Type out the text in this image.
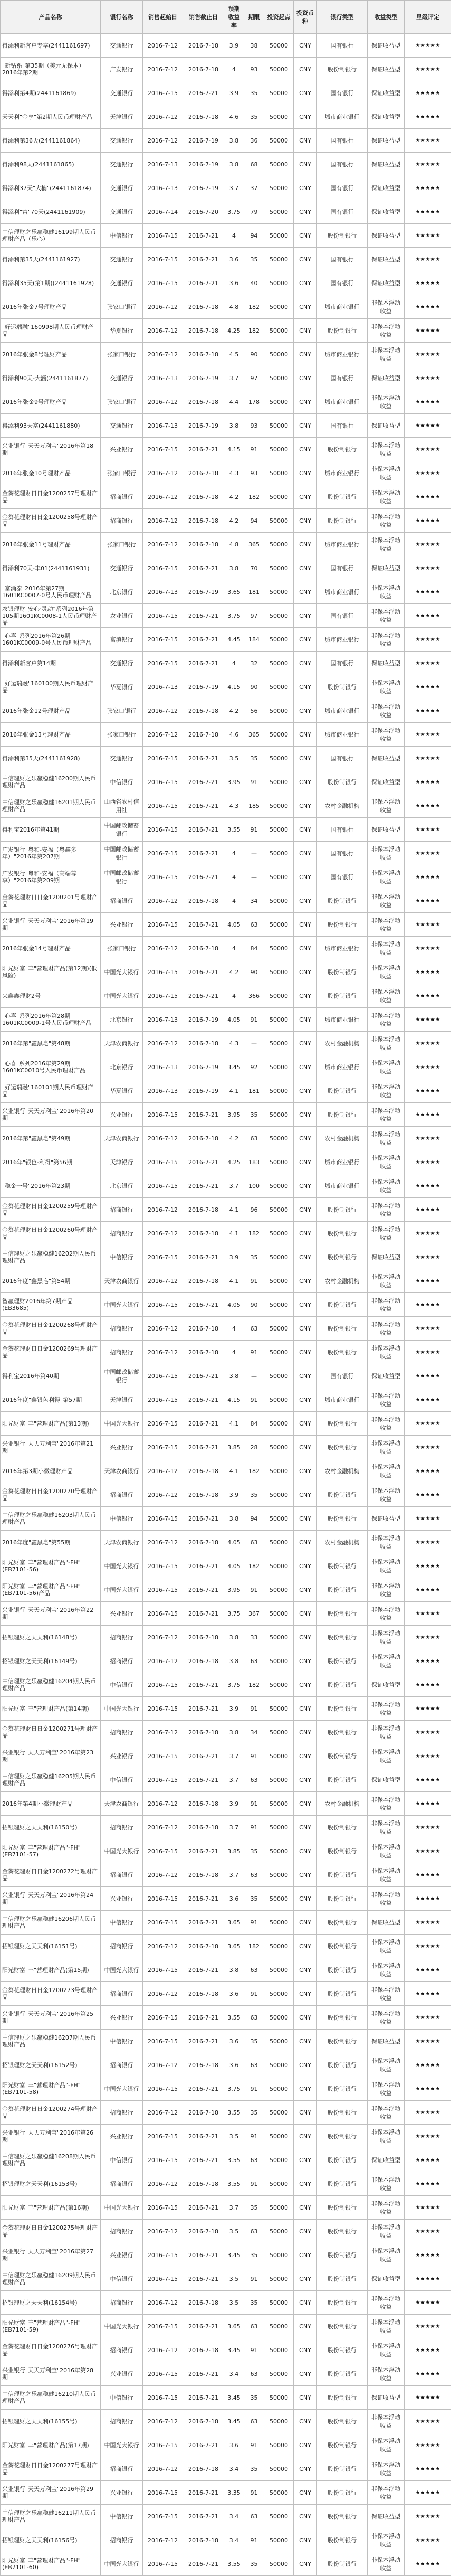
产品名称	银行名称	销售起始日	销售截止日	预期收益率	期限	投资起点	投资币种	银行类型	收益类型	星级评定
得添利新客户专享(2441161697)	交通银行	2016-7-12	2016-7-18	3.9	38	50000	CNY	国有银行	保证收益型	★★★★★
"新钻系"第35期（美元无保本）2016年第2期	广发银行	2016-7-12	2016-7-18	4	93	50000	CNY	股份制银行	保证收益型	★★★★★
得添利第4期(2441161869)	交通银行	2016-7-15	2016-7-21	3.9	35	50000	CNY	国有银行	保证收益型	★★★★★
天天利"金享"第2期人民币理财产品	天津银行	2016-7-12	2016-7-18	4.6	35	50000	CNY	城市商业银行	保证收益型	★★★★★
得添利第36天(2441161864)	交通银行	2016-7-12	2016-7-19	3.8	36	50000	CNY	国有银行	保证收益型	★★★★★
得添利98天(2441161865)	交通银行	2016-7-13	2016-7-19	3.8	68	50000	CNY	国有银行	保证收益型	★★★★★
得添利37天"大楠"(2441161874)	交通银行	2016-7-13	2016-7-19	3.7	37	50000	CNY	国有银行	保证收益型	★★★★★
得添利"富"70天(2441161909)	交通银行	2016-7-14	2016-7-20	3.75	79	50000	CNY	国有银行	保证收益型	★★★★★
中信理财之乐赢稳健16199期人民币理财产品（乐心）	中信银行	2016-7-15	2016-7-21	4	94	50000	CNY	股份制银行	保证收益型	★★★★★
得添利第35天(2441161927)	交通银行	2016-7-15	2016-7-21	3.6	35	50000	CNY	国有银行	保证收益型	★★★★★
得添利35天(第1期)(2441161928)	交通银行	2016-7-15	2016-7-21	3.6	40	50000	CNY	国有银行	保证收益型	★★★★★
2016年张金7号理财产品	张家口银行	2016-7-12	2016-7-18	4.8	182	50000	CNY	城市商业银行	非保本浮动收益	★★★★★
"好运瑞融"160998期人民币理财产品	华夏银行	2016-7-12	2016-7-18	4.25	182	50000	CNY	股份制银行	非保本浮动收益	★★★★★
2016年张金8号理财产品	张家口银行	2016-7-12	2016-7-18	4.5	90	50000	CNY	城市商业银行	非保本浮动收益	★★★★★
得添利90天-大涵(2441161877)	交通银行	2016-7-13	2016-7-19	3.7	97	50000	CNY	国有银行	保证收益型	★★★★★
2016年张金9号理财产品	张家口银行	2016-7-12	2016-7-18	4.4	178	50000	CNY	城市商业银行	非保本浮动收益	★★★★★
得添利93天富(2441161880)	交通银行	2016-7-13	2016-7-19	3.8	93	50000	CNY	国有银行	保证收益型	★★★★★
兴业银行"天天万利宝"2016年第18期	兴业银行	2016-7-15	2016-7-21	4.15	91	50000	CNY	股份制银行	非保本浮动收益	★★★★★
2016年张金10号理财产品	张家口银行	2016-7-12	2016-7-18	4.3	93	50000	CNY	城市商业银行	非保本浮动收益	★★★★★
金葵花理财日日金1200257号理财产品	招商银行	2016-7-12	2016-7-18	4.2	182	50000	CNY	股份制银行	非保本浮动收益	★★★★★
金葵花理财日日金1200258号理财产品	招商银行	2016-7-12	2016-7-18	4.2	94	50000	CNY	股份制银行	非保本浮动收益	★★★★★
2016年张金11号理财产品	张家口银行	2016-7-12	2016-7-18	4.8	365	50000	CNY	城市商业银行	非保本浮动收益	★★★★★
得添利70天-丰01(2441161931)	交通银行	2016-7-15	2016-7-21	3.8	70	50000	CNY	国有银行	保证收益型	★★★★★
"富涌泰"2016年第27期1601KC0007-0号人民币理财产品	北京银行	2016-7-13	2016-7-19	3.65	181	50000	CNY	城市商业银行	非保本浮动收益	★★★★★
农银理财"安心·灵动"系列2016年第105期1601KC0008-1人民币理财产品	农业银行	2016-7-15	2016-7-21	3.75	97	50000	CNY	国有银行	非保本浮动收益	★★★★★
"心喜"系列2016年第26期1601KC0009-0号人民币理财产品	富滇银行	2016-7-15	2016-7-21	4.45	184	50000	CNY	城市商业银行	非保本浮动收益	★★★★★
得添利新客户第14期	交通银行	2016-7-15	2016-7-21	4	32	50000	CNY	国有银行	保证收益型	★★★★★
"好运瑞融"160100期人民币理财产品	华夏银行	2016-7-13	2016-7-19	4.15	90	50000	CNY	股份制银行	非保本浮动收益	★★★★★
2016年张金12号理财产品	张家口银行	2016-7-12	2016-7-18	4.2	56	50000	CNY	城市商业银行	非保本浮动收益	★★★★★
2016年张金13号理财产品	张家口银行	2016-7-12	2016-7-18	4.6	365	50000	CNY	城市商业银行	非保本浮动收益	★★★★★
得添利第35天(2441161928)	交通银行	2016-7-15	2016-7-21	3.5	35	50000	CNY	国有银行	保证收益型	★★★★★
中信理财之乐赢稳健16200期人民币理财产品	中信银行	2016-7-15	2016-7-21	3.95	91	50000	CNY	股份制银行	保证收益型	★★★★★
中信理财之乐赢稳健16201期人民币理财产品	山西省农村信用社	2016-7-15	2016-7-21	4.3	185	50000	CNY	农村金融机构	非保本浮动收益	★★★★★
得利宝2016年第41期	中国邮政储蓄银行	2016-7-15	2016-7-21	3.55	91	50000	CNY	国有银行	保证收益型	★★★★★
广发银行"粤和-安福（粤鑫多年）"2016年第207期	中国邮政储蓄银行	2016-7-15	2016-7-21	4	—	50000	CNY	国有银行	非保本浮动收益	★★★★★
广发银行"粤和-安福（高端尊享）"2016年第209期	中国邮政储蓄银行	2016-7-15	2016-7-21	4	—	50000	CNY	国有银行	非保本浮动收益	★★★★★
金葵花理财日日金1200201号理财产品	招商银行	2016-7-12	2016-7-18	4	34	50000	CNY	股份制银行	非保本浮动收益	★★★★★
兴业银行"天天万利宝"2016年第19期	兴业银行	2016-7-15	2016-7-21	4.05	63	50000	CNY	股份制银行	非保本浮动收益	★★★★★
2016年张金14号理财产品	张家口银行	2016-7-12	2016-7-18	4	84	50000	CNY	城市商业银行	非保本浮动收益	★★★★★
阳光财富"丰"营理财产品(第12期)(低风险)	中国光大银行	2016-7-15	2016-7-21	4.2	90	50000	CNY	股份制银行	非保本浮动收益	★★★★★
来鑫鑫理财2号	中国光大银行	2016-7-15	2016-7-21	4	366	50000	CNY	股份制银行	非保本浮动收益	★★★★★
"心喜"系列2016年第28期1601KC0009-1号人民币理财产品	北京银行	2016-7-13	2016-7-19	4.05	91	50000	CNY	城市商业银行	非保本浮动收益	★★★★★
2016年第"鑫黑皂"第48期	天津农商银行	2016-7-12	2016-7-18	4.3	—	50000	CNY	农村金融机构	非保本浮动收益	★★★★★
"心喜"系列2016年第29期1601KC0010号人民币理财产品	北京银行	2016-7-13	2016-7-19	3.45	92	50000	CNY	城市商业银行	非保本浮动收益	★★★★★
"好运瑞融"160101期人民币理财产品	华夏银行	2016-7-13	2016-7-19	4.1	181	50000	CNY	股份制银行	非保本浮动收益	★★★★★
兴业银行"天天万利宝"2016年第20期	兴业银行	2016-7-15	2016-7-21	3.95	35	50000	CNY	股份制银行	非保本浮动收益	★★★★★
2016年第"鑫黑皂"第49期	天津农商银行	2016-7-12	2016-7-18	4.2	63	50000	CNY	农村金融机构	非保本浮动收益	★★★★★
2016年"银色-利得"第56期	天津银行	2016-7-15	2016-7-21	4.25	183	50000	CNY	城市商业银行	非保本浮动收益	★★★★★
"稳金一号"2016年第23期	北京银行	2016-7-15	2016-7-21	3.7	100	50000	CNY	城市商业银行	非保本浮动收益	★★★★★
金葵花理财日日金1200259号理财产品	招商银行	2016-7-12	2016-7-18	4.1	96	50000	CNY	股份制银行	非保本浮动收益	★★★★★
金葵花理财日日金1200260号理财产品	招商银行	2016-7-12	2016-7-18	4.1	182	50000	CNY	股份制银行	非保本浮动收益	★★★★★
中信理财之乐赢稳健16202期人民币理财产品	中信银行	2016-7-15	2016-7-21	3.9	35	50000	CNY	股份制银行	保证收益型	★★★★★
2016年度"鑫黑皂"第54期	天津农商银行	2016-7-12	2016-7-18	4.1	91	50000	CNY	农村金融机构	非保本浮动收益	★★★★★
智赢理财2016年第7期产品(EB3685)	中国光大银行	2016-7-15	2016-7-21	4.05	90	50000	CNY	股份制银行	非保本浮动收益	★★★★★
金葵花理财日日金1200268号理财产品	招商银行	2016-7-12	2016-7-18	4	63	50000	CNY	股份制银行	非保本浮动收益	★★★★★
金葵花理财日日金1200269号理财产品	招商银行	2016-7-12	2016-7-18	4	91	50000	CNY	股份制银行	非保本浮动收益	★★★★★
得利宝2016年第40期	中国邮政储蓄银行	2016-7-15	2016-7-21	3.8	—	50000	CNY	国有银行	保证收益型	★★★★★
2016年度"鑫银色利得"第57期	天津银行	2016-7-15	2016-7-21	4.15	91	50000	CNY	城市商业银行	非保本浮动收益	★★★★★
阳光财富"丰"营理财产品(第13期)	中国光大银行	2016-7-15	2016-7-21	4.1	84	50000	CNY	股份制银行	非保本浮动收益	★★★★★
兴业银行"天天万利宝"2016年第21期	兴业银行	2016-7-15	2016-7-21	3.85	28	50000	CNY	股份制银行	非保本浮动收益	★★★★★
2016年第3期小微理财产品	天津农商银行	2016-7-12	2016-7-18	4.1	182	50000	CNY	农村金融机构	非保本浮动收益	★★★★★
金葵花理财日日金1200270号理财产品	招商银行	2016-7-12	2016-7-18	3.9	35	50000	CNY	股份制银行	非保本浮动收益	★★★★★
中信理财之乐赢稳健16203期人民币理财产品	中信银行	2016-7-15	2016-7-21	3.8	94	50000	CNY	股份制银行	保证收益型	★★★★★
2016年度"鑫黑皂"第55期	天津农商银行	2016-7-12	2016-7-18	4.05	63	50000	CNY	农村金融机构	非保本浮动收益	★★★★★
阳光财富"丰"营理财产品"-FH"(EB7101-56)	中国光大银行	2016-7-15	2016-7-21	4.05	182	50000	CNY	股份制银行	非保本浮动收益	★★★★★
阳光财富"丰"营理财产品"-FH"(EB7101-56)产品	中国光大银行	2016-7-15	2016-7-21	3.95	91	50000	CNY	股份制银行	非保本浮动收益	★★★★★
兴业银行"天天万利宝"2016年第22期	兴业银行	2016-7-15	2016-7-21	3.75	367	50000	CNY	股份制银行	非保本浮动收益	★★★★★
招银理财之天天利(16148号)	招商银行	2016-7-12	2016-7-18	3.8	33	50000	CNY	股份制银行	非保本浮动收益	★★★★★
招银理财之天天利(16149号)	招商银行	2016-7-12	2016-7-18	3.8	63	50000	CNY	股份制银行	非保本浮动收益	★★★★★
中信理财之乐赢稳健16204期人民币理财产品	中信银行	2016-7-15	2016-7-21	3.75	182	50000	CNY	股份制银行	保证收益型	★★★★★
阳光财富"丰"营理财产品(第14期)	中国光大银行	2016-7-15	2016-7-21	3.9	91	50000	CNY	股份制银行	非保本浮动收益	★★★★★
金葵花理财日日金1200271号理财产品	招商银行	2016-7-12	2016-7-18	3.8	34	50000	CNY	股份制银行	非保本浮动收益	★★★★★
兴业银行"天天万利宝"2016年第23期	兴业银行	2016-7-15	2016-7-21	3.7	91	50000	CNY	股份制银行	非保本浮动收益	★★★★★
中信理财之乐赢稳健16205期人民币理财产品	中信银行	2016-7-15	2016-7-21	3.7	63	50000	CNY	股份制银行	保证收益型	★★★★★
2016年第4期小微理财产品	天津农商银行	2016-7-12	2016-7-18	3.9	91	50000	CNY	农村金融机构	非保本浮动收益	★★★★★
招银理财之天天利(16150号)	招商银行	2016-7-12	2016-7-18	3.7	91	50000	CNY	股份制银行	非保本浮动收益	★★★★★
阳光财富"丰"营理财产品"-FH"(EB7101-57)	中国光大银行	2016-7-15	2016-7-21	3.85	35	50000	CNY	股份制银行	非保本浮动收益	★★★★★
金葵花理财日日金1200272号理财产品	招商银行	2016-7-12	2016-7-18	3.7	63	50000	CNY	股份制银行	非保本浮动收益	★★★★★
兴业银行"天天万利宝"2016年第24期	兴业银行	2016-7-15	2016-7-21	3.6	35	50000	CNY	股份制银行	非保本浮动收益	★★★★★
中信理财之乐赢稳健16206期人民币理财产品	中信银行	2016-7-15	2016-7-21	3.65	91	50000	CNY	股份制银行	保证收益型	★★★★★
招银理财之天天利(16151号)	招商银行	2016-7-12	2016-7-18	3.65	182	50000	CNY	股份制银行	非保本浮动收益	★★★★★
阳光财富"丰"营理财产品(第15期)	中国光大银行	2016-7-15	2016-7-21	3.8	63	50000	CNY	股份制银行	非保本浮动收益	★★★★★
金葵花理财日日金1200273号理财产品	招商银行	2016-7-12	2016-7-18	3.6	91	50000	CNY	股份制银行	非保本浮动收益	★★★★★
兴业银行"天天万利宝"2016年第25期	兴业银行	2016-7-15	2016-7-21	3.55	63	50000	CNY	股份制银行	非保本浮动收益	★★★★★
中信理财之乐赢稳健16207期人民币理财产品	中信银行	2016-7-15	2016-7-21	3.6	35	50000	CNY	股份制银行	保证收益型	★★★★★
招银理财之天天利(16152号)	招商银行	2016-7-12	2016-7-18	3.6	63	50000	CNY	股份制银行	非保本浮动收益	★★★★★
阳光财富"丰"营理财产品"-FH"(EB7101-58)	中国光大银行	2016-7-15	2016-7-21	3.75	91	50000	CNY	股份制银行	非保本浮动收益	★★★★★
金葵花理财日日金1200274号理财产品	招商银行	2016-7-12	2016-7-18	3.55	35	50000	CNY	股份制银行	非保本浮动收益	★★★★★
兴业银行"天天万利宝"2016年第26期	兴业银行	2016-7-15	2016-7-21	3.5	91	50000	CNY	股份制银行	非保本浮动收益	★★★★★
中信理财之乐赢稳健16208期人民币理财产品	中信银行	2016-7-15	2016-7-21	3.55	63	50000	CNY	股份制银行	保证收益型	★★★★★
招银理财之天天利(16153号)	招商银行	2016-7-12	2016-7-18	3.55	91	50000	CNY	股份制银行	非保本浮动收益	★★★★★
阳光财富"丰"营理财产品(第16期)	中国光大银行	2016-7-15	2016-7-21	3.7	35	50000	CNY	股份制银行	非保本浮动收益	★★★★★
金葵花理财日日金1200275号理财产品	招商银行	2016-7-12	2016-7-18	3.5	63	50000	CNY	股份制银行	非保本浮动收益	★★★★★
兴业银行"天天万利宝"2016年第27期	兴业银行	2016-7-15	2016-7-21	3.45	35	50000	CNY	股份制银行	非保本浮动收益	★★★★★
中信理财之乐赢稳健16209期人民币理财产品	中信银行	2016-7-15	2016-7-21	3.5	91	50000	CNY	股份制银行	保证收益型	★★★★★
招银理财之天天利(16154号)	招商银行	2016-7-12	2016-7-18	3.5	35	50000	CNY	股份制银行	非保本浮动收益	★★★★★
阳光财富"丰"营理财产品"-FH"(EB7101-59)	中国光大银行	2016-7-15	2016-7-21	3.65	63	50000	CNY	股份制银行	非保本浮动收益	★★★★★
金葵花理财日日金1200276号理财产品	招商银行	2016-7-12	2016-7-18	3.45	91	50000	CNY	股份制银行	非保本浮动收益	★★★★★
兴业银行"天天万利宝"2016年第28期	兴业银行	2016-7-15	2016-7-21	3.4	63	50000	CNY	股份制银行	非保本浮动收益	★★★★★
中信理财之乐赢稳健16210期人民币理财产品	中信银行	2016-7-15	2016-7-21	3.45	35	50000	CNY	股份制银行	保证收益型	★★★★★
招银理财之天天利(16155号)	招商银行	2016-7-12	2016-7-18	3.45	63	50000	CNY	股份制银行	非保本浮动收益	★★★★★
阳光财富"丰"营理财产品(第17期)	中国光大银行	2016-7-15	2016-7-21	3.6	91	50000	CNY	股份制银行	非保本浮动收益	★★★★★
金葵花理财日日金1200277号理财产品	招商银行	2016-7-12	2016-7-18	3.4	35	50000	CNY	股份制银行	非保本浮动收益	★★★★★
兴业银行"天天万利宝"2016年第29期	兴业银行	2016-7-15	2016-7-21	3.35	91	50000	CNY	股份制银行	非保本浮动收益	★★★★★
中信理财之乐赢稳健16211期人民币理财产品	中信银行	2016-7-15	2016-7-21	3.4	63	50000	CNY	股份制银行	保证收益型	★★★★★
招银理财之天天利(16156号)	招商银行	2016-7-12	2016-7-18	3.4	91	50000	CNY	股份制银行	非保本浮动收益	★★★★★
阳光财富"丰"营理财产品"-FH"(EB7101-60)	中国光大银行	2016-7-15	2016-7-21	3.55	35	50000	CNY	股份制银行	非保本浮动收益	★★★★★
